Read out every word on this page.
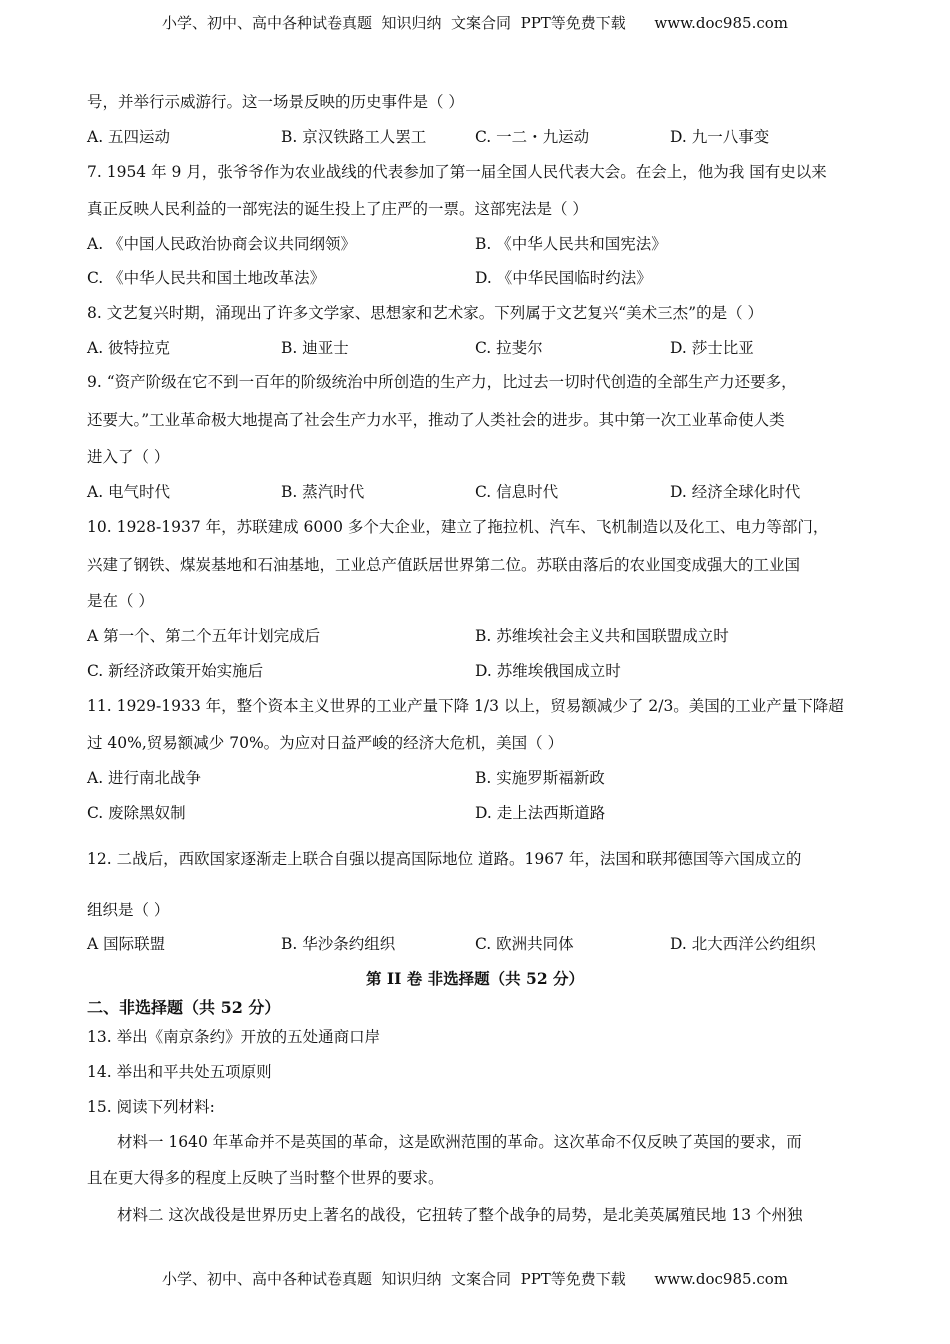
小学、初中、高中各种试卷真题  知识归纳  文案合同  PPT等免费下载      www.doc985.com
号，并举行示威游行。这一场景反映的历史事件是（ ）
A. 五四运动	B. 京汉铁路工人罢工	C. 一二・九运动	D. 九一八事变
7. 1954 年 9 月，张爷爷作为农业战线的代表参加了第一届全国人民代表大会。在会上，他为我 国有史以来
真正反映人民利益的一部宪法的诞生投上了庄严的一票。这部宪法是（ ）
A. 《中国人民政治协商会议共同纲领》	B. 《中华人民共和国宪法》
C. 《中华人民共和国土地改革法》	D. 《中华民国临时约法》
8. 文艺复兴时期，涌现出了许多文学家、思想家和艺术家。下列属于文艺复兴“美术三杰”的是（ ）
A. 彼特拉克	B. 迪亚士	C. 拉斐尔	D. 莎士比亚
9. “资产阶级在它不到一百年的阶级统治中所创造的生产力，比过去一切时代创造的全部生产力还要多，
还要大。”工业革命极大地提高了社会生产力水平，推动了人类社会的进步。其中第一次工业革命使人类
进入了（ ）
A. 电气时代	B. 蒸汽时代	C. 信息时代	D. 经济全球化时代
10. 1928-1937 年，苏联建成 6000 多个大企业，建立了拖拉机、汽车、飞机制造以及化工、电力等部门，
兴建了钢铁、煤炭基地和石油基地，工业总产值跃居世界第二位。苏联由落后的农业国变成强大的工业国
是在（ ）
A 第一个、第二个五年计划完成后	B. 苏维埃社会主义共和国联盟成立时
C. 新经济政策开始实施后	D. 苏维埃俄国成立时
11. 1929-1933 年，整个资本主义世界的工业产量下降 1/3 以上，贸易额减少了 2/3。美国的工业产量下降超
过 40%,贸易额减少 70%。为应对日益严峻的经济大危机，美国（ ）
A. 进行南北战争	B. 实施罗斯福新政
C. 废除黑奴制	D. 走上法西斯道路
12. 二战后，西欧国家逐渐走上联合自强以提高国际地位 道路。1967 年，法国和联邦德国等六国成立的
组织是（ ）
A 国际联盟	B. 华沙条约组织	C. 欧洲共同体	D. 北大西洋公约组织
第 II 卷 非选择题（共 52 分）
二、非选择题（共 52 分）
13. 举出《南京条约》开放的五处通商口岸
14. 举出和平共处五项原则
15. 阅读下列材料:
材料一 1640 年革命并不是英国的革命，这是欧洲范围的革命。这次革命不仅反映了英国的要求，而
且在更大得多的程度上反映了当时整个世界的要求。
材料二 这次战役是世界历史上著名的战役，它扭转了整个战争的局势，是北美英属殖民地 13 个州独
小学、初中、高中各种试卷真题  知识归纳  文案合同  PPT等免费下载      www.doc985.com
